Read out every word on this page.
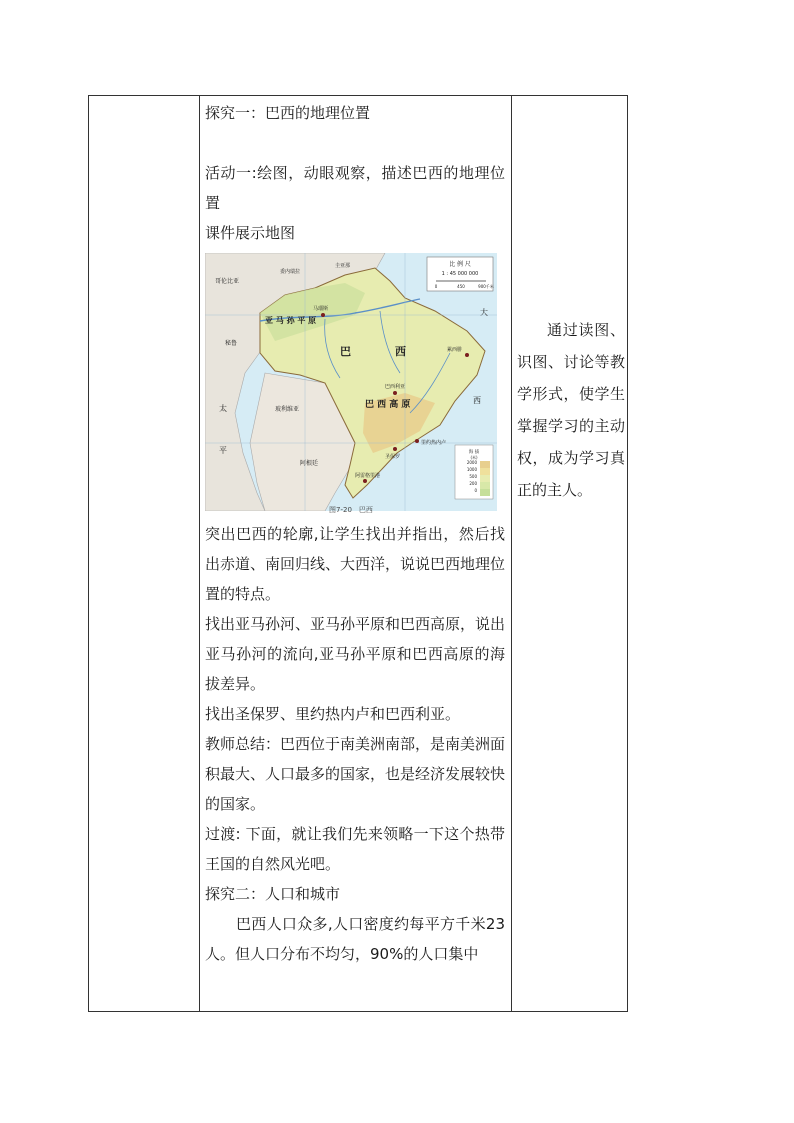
探究一：巴西的地理位置

活动一:绘图，动眼观察，描述巴西的地理位置

课件展示地图

比 例 尺
1 : 45 000 000
0	450	900千米
委内瑞拉
圭亚那
哥伦比亚
秘鲁
玻利维亚
阿根廷
大
西
太
平
亚 马 孙 平 原
巴	西
巴 西 高 原
马瑙斯
累西腓
巴西利亚
里约热内卢
圣保罗
阿雷格里港
海 拔
(米)
2000
1000
500
200
0
图7-20　巴西

突出巴西的轮廓,让学生找出并指出，然后找出赤道、南回归线、大西洋，说说巴西地理位置的特点。

找出亚马孙河、亚马孙平原和巴西高原，说出亚马孙河的流向,亚马孙平原和巴西高原的海拔差异。

找出圣保罗、里约热内卢和巴西利亚。

教师总结：巴西位于南美洲南部，是南美洲面积最大、人口最多的国家，也是经济发展较快的国家。

过渡: 下面，就让我们先来领略一下这个热带王国的自然风光吧。

探究二：人口和城市

巴西人口众多,人口密度约每平方千米23人。但人口分布不均匀，90%的人口集中

通过读图、识图、讨论等教学形式，使学生掌握学习的主动权，成为学习真正的主人。
